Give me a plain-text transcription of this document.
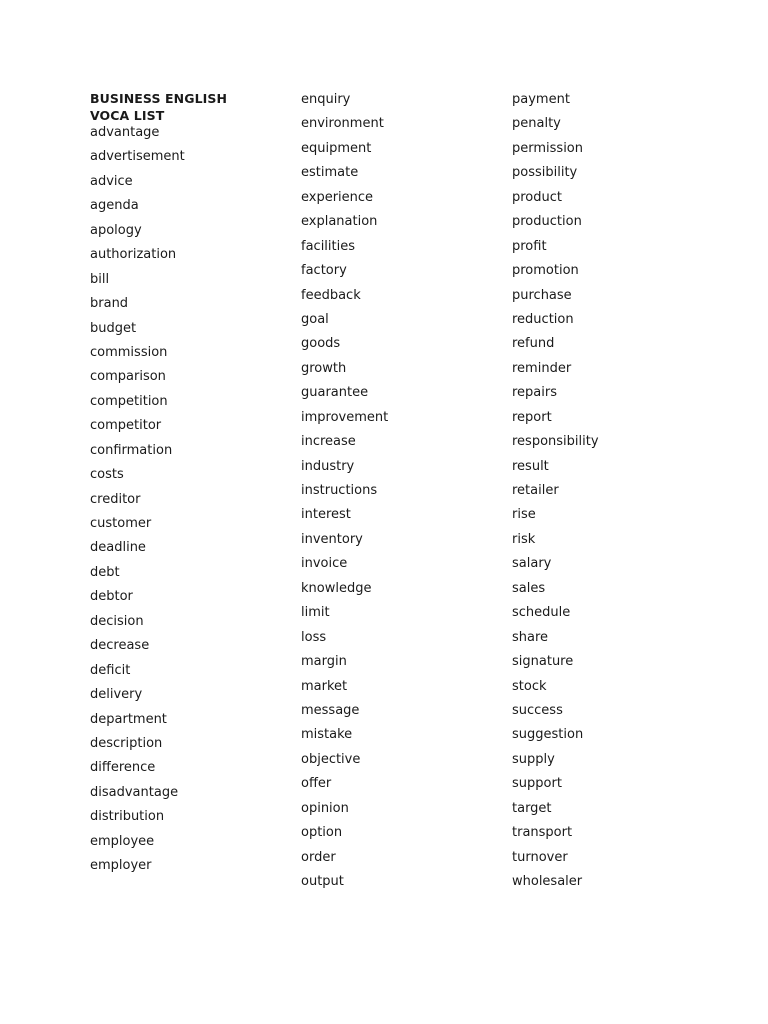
BUSINESS ENGLISH
VOCA LIST
advantage
advertisement
advice
agenda
apology
authorization
bill
brand
budget
commission
comparison
competition
competitor
confirmation
costs
creditor
customer
deadline
debt
debtor
decision
decrease
deficit
delivery
department
description
difference
disadvantage
distribution
employee
employer
enquiry
environment
equipment
estimate
experience
explanation
facilities
factory
feedback
goal
goods
growth
guarantee
improvement
increase
industry
instructions
interest
inventory
invoice
knowledge
limit
loss
margin
market
message
mistake
objective
offer
opinion
option
order
output
payment
penalty
permission
possibility
product
production
profit
promotion
purchase
reduction
refund
reminder
repairs
report
responsibility
result
retailer
rise
risk
salary
sales
schedule
share
signature
stock
success
suggestion
supply
support
target
transport
turnover
wholesaler
